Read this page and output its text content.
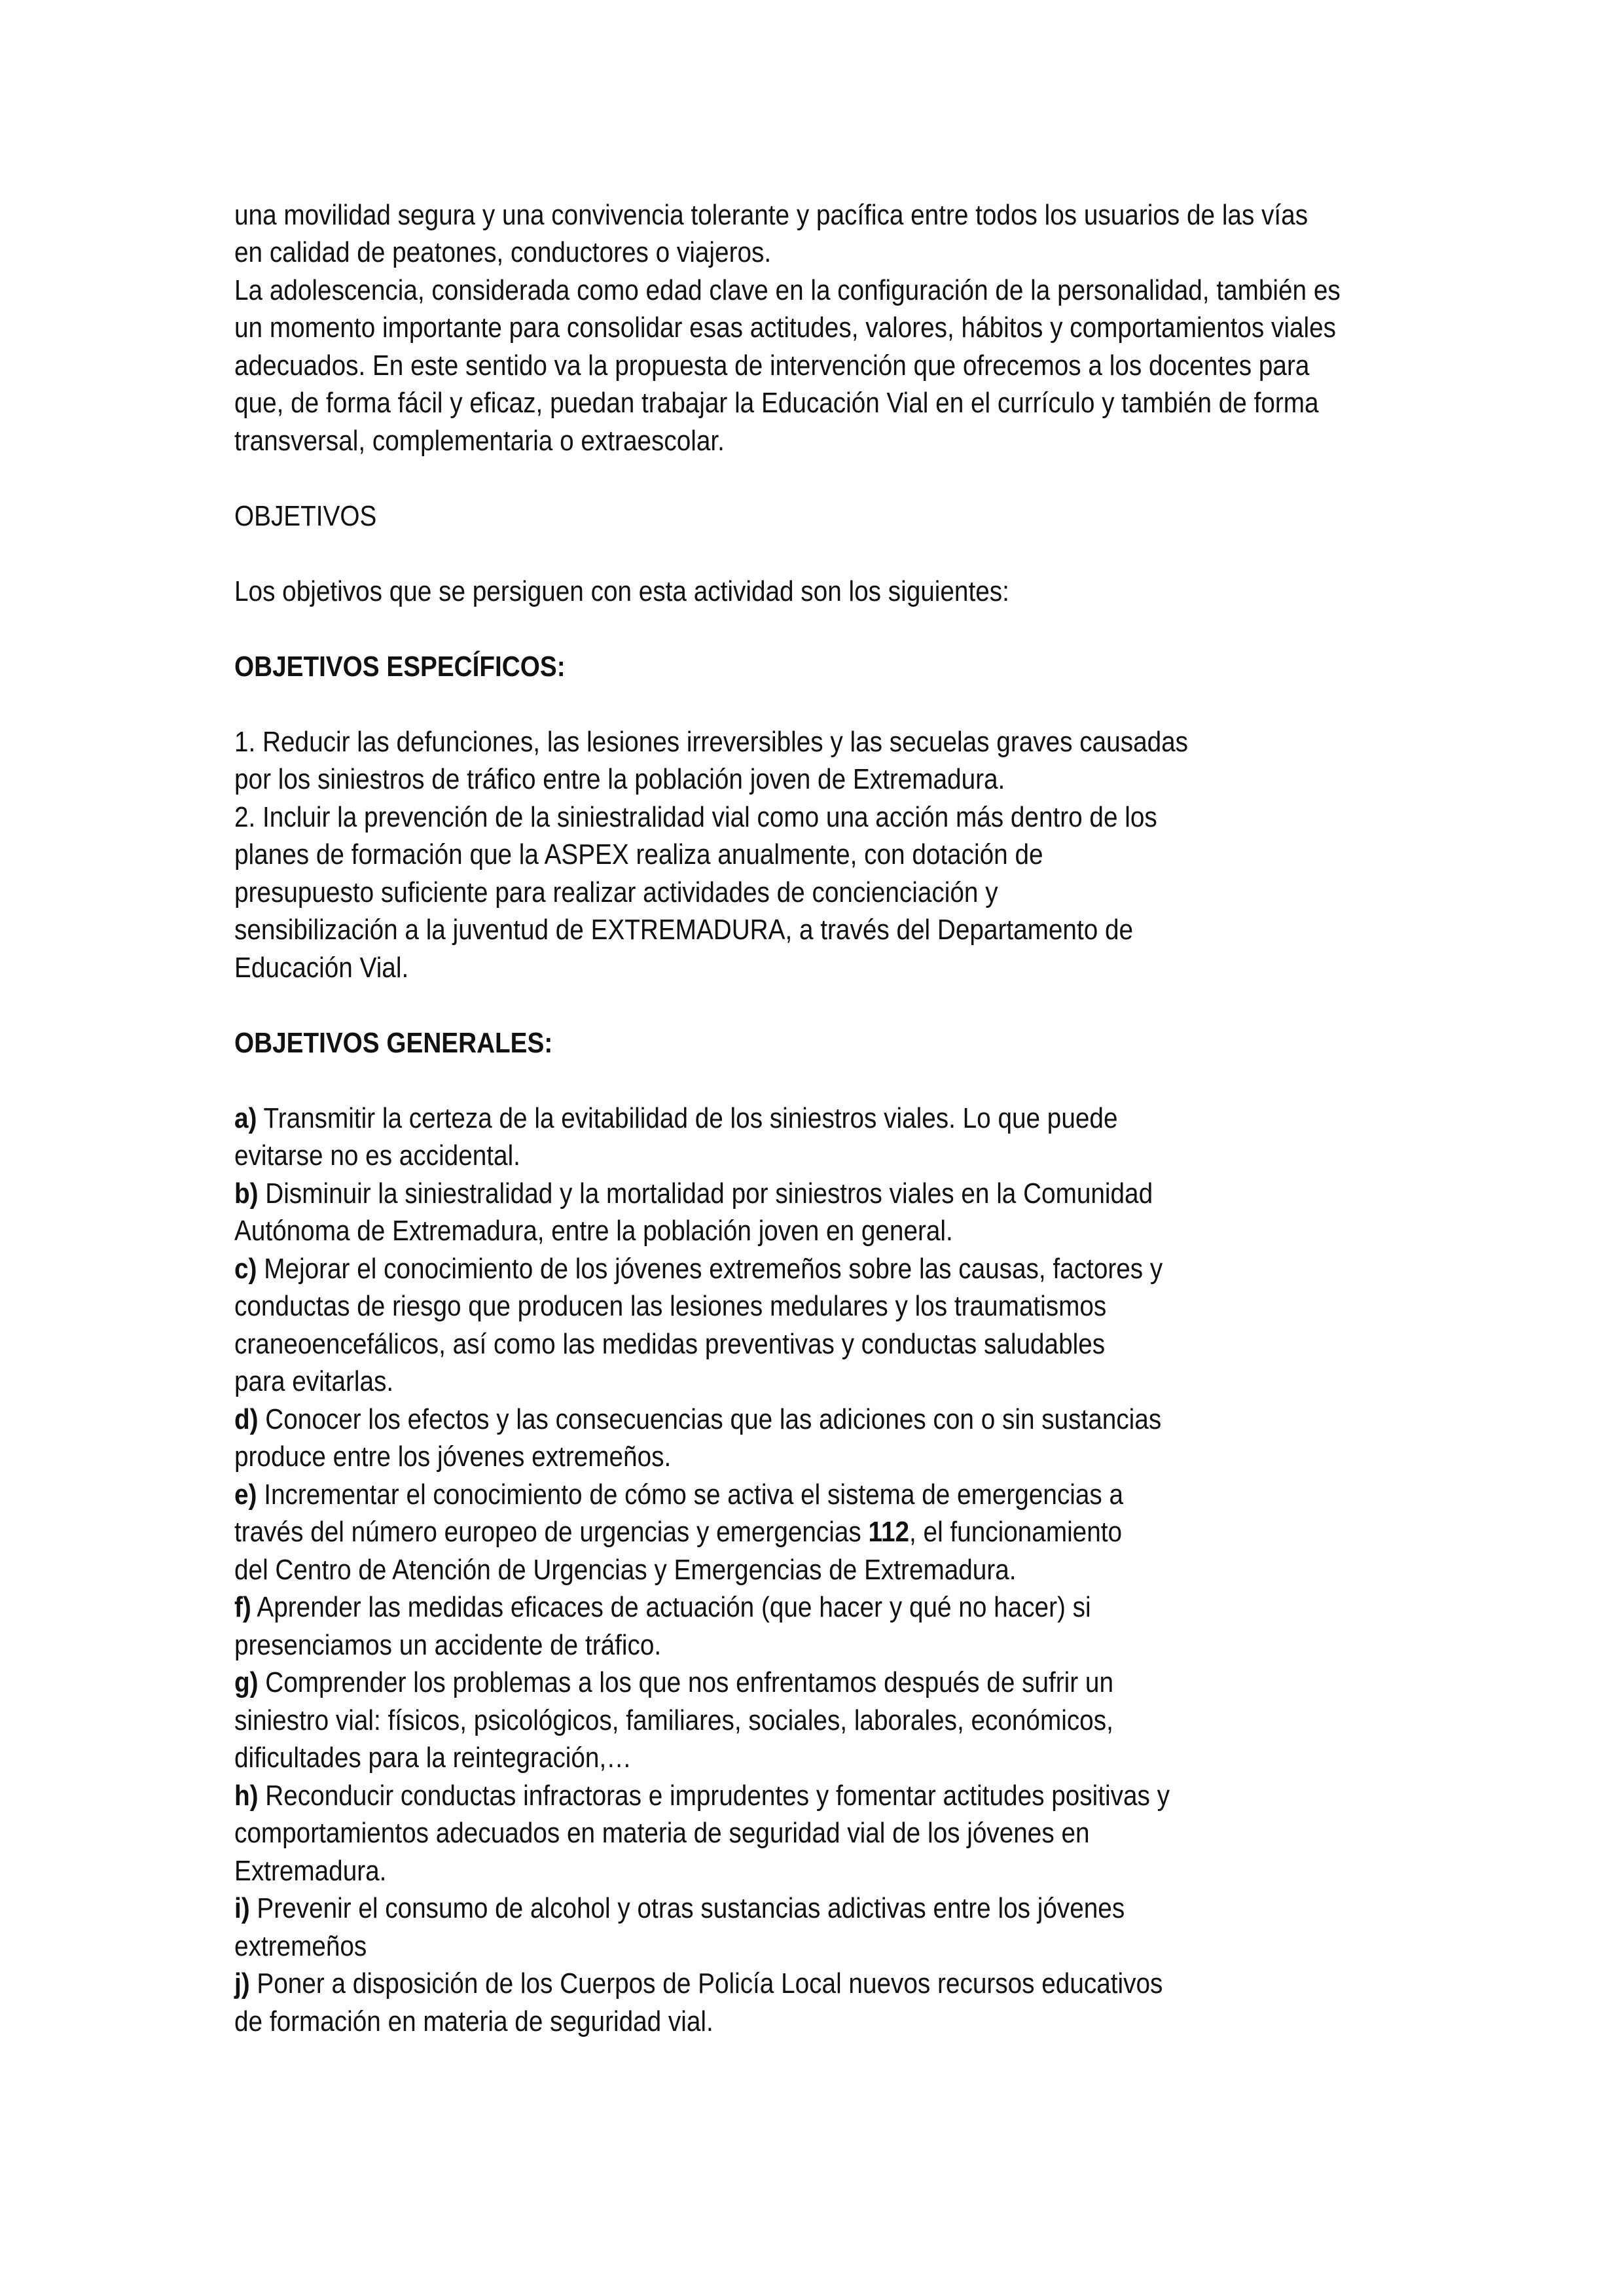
una movilidad segura y una convivencia tolerante y pacífica entre todos los usuarios de las vías

en calidad de peatones, conductores o viajeros.

La adolescencia, considerada como edad clave en la configuración de la personalidad, también es

un momento importante para consolidar esas actitudes, valores, hábitos y comportamientos viales

adecuados. En este sentido va la propuesta de intervención que ofrecemos a los docentes para

que, de forma fácil y eficaz, puedan trabajar la Educación Vial en el currículo y también de forma

transversal, complementaria o extraescolar.

OBJETIVOS

Los objetivos que se persiguen con esta actividad son los siguientes:

OBJETIVOS ESPECÍFICOS:

1. Reducir las defunciones, las lesiones irreversibles y las secuelas graves causadas

por los siniestros de tráfico entre la población joven de Extremadura.

2. Incluir la prevención de la siniestralidad vial como una acción más dentro de los

planes de formación que la ASPEX realiza anualmente, con dotación de

presupuesto suficiente para realizar actividades de concienciación y

sensibilización a la juventud de EXTREMADURA, a través del Departamento de

Educación Vial.

OBJETIVOS GENERALES:

a) Transmitir la certeza de la evitabilidad de los siniestros viales. Lo que puede

evitarse no es accidental.

b) Disminuir la siniestralidad y la mortalidad por siniestros viales en la Comunidad

Autónoma de Extremadura, entre la población joven en general.

c) Mejorar el conocimiento de los jóvenes extremeños sobre las causas, factores y

conductas de riesgo que producen las lesiones medulares y los traumatismos

craneoencefálicos, así como las medidas preventivas y conductas saludables

para evitarlas.

d) Conocer los efectos y las consecuencias que las adiciones con o sin sustancias

produce entre los jóvenes extremeños.

e) Incrementar el conocimiento de cómo se activa el sistema de emergencias a

través del número europeo de urgencias y emergencias 112, el funcionamiento

del Centro de Atención de Urgencias y Emergencias de Extremadura.

f) Aprender las medidas eficaces de actuación (que hacer y qué no hacer) si

presenciamos un accidente de tráfico.

g) Comprender los problemas a los que nos enfrentamos después de sufrir un

siniestro vial: físicos, psicológicos, familiares, sociales, laborales, económicos,

dificultades para la reintegración,…

h) Reconducir conductas infractoras e imprudentes y fomentar actitudes positivas y

comportamientos adecuados en materia de seguridad vial de los jóvenes en

Extremadura.

i) Prevenir el consumo de alcohol y otras sustancias adictivas entre los jóvenes

extremeños

j) Poner a disposición de los Cuerpos de Policía Local nuevos recursos educativos

de formación en materia de seguridad vial.
